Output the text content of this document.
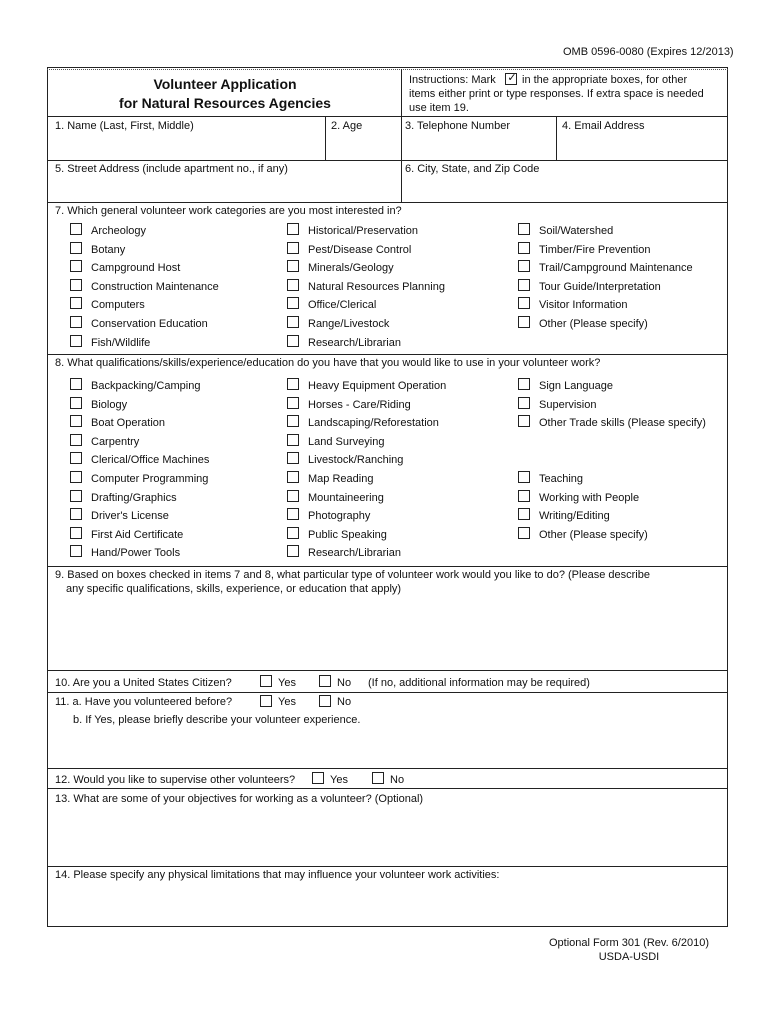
OMB 0596-0080 (Expires 12/2013)
Volunteer Application
for Natural Resources Agencies
Instructions: Mark ✓ in the appropriate boxes, for other
items either print or type responses. If extra space is needed
use item 19.
1. Name (Last, First, Middle)	2. Age	3. Telephone Number	4. Email Address
5. Street Address (include apartment no., if any)	6. City, State, and Zip Code
7. Which general volunteer work categories are you most interested in?
Archeology
Botany
Campground Host
Construction Maintenance
Computers
Conservation Education
Fish/Wildlife
Historical/Preservation
Pest/Disease Control
Minerals/Geology
Natural Resources Planning
Office/Clerical
Range/Livestock
Research/Librarian
Soil/Watershed
Timber/Fire Prevention
Trail/Campground Maintenance
Tour Guide/Interpretation
Visitor Information
Other (Please specify)
8. What qualifications/skills/experience/education do you have that you would like to use in your volunteer work?
Backpacking/Camping
Biology
Boat Operation
Carpentry
Clerical/Office Machines
Computer Programming
Drafting/Graphics
Driver's License
First Aid Certificate
Hand/Power Tools
Heavy Equipment Operation
Horses - Care/Riding
Landscaping/Reforestation
Land Surveying
Livestock/Ranching
Map Reading
Mountaineering
Photography
Public Speaking
Research/Librarian
Sign Language
Supervision
Other Trade skills (Please specify)
Teaching
Working with People
Writing/Editing
Other (Please specify)
9. Based on boxes checked in items 7 and 8, what particular type of volunteer work would you like to do? (Please describe
any specific qualifications, skills, experience, or education that apply)
10. Are you a United States Citizen?	Yes	No (If no, additional information may be required)
11. a. Have you volunteered before?	Yes	No
b. If Yes, please briefly describe your volunteer experience.
12. Would you like to supervise other volunteers?	Yes	No
13. What are some of your objectives for working as a volunteer? (Optional)
14. Please specify any physical limitations that may influence your volunteer work activities:
Optional Form 301 (Rev. 6/2010)
USDA-USDI
